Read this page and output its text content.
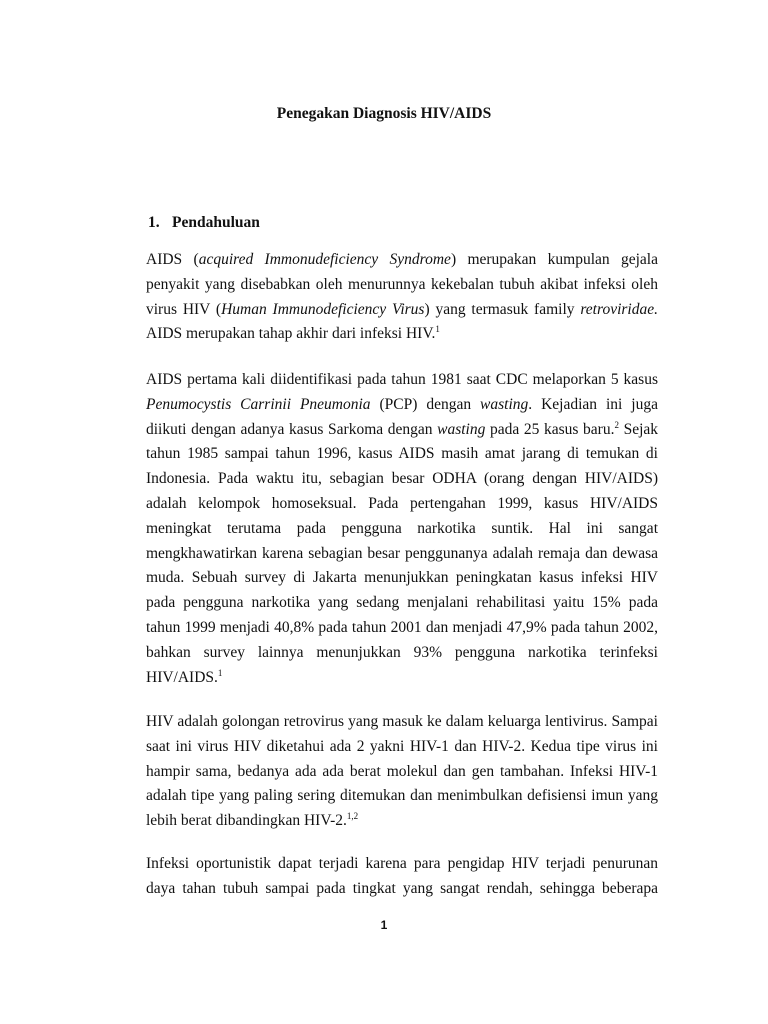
Penegakan Diagnosis HIV/AIDS
1. Pendahuluan

AIDS (acquired Immonudeficiency Syndrome) merupakan kumpulan gejala
penyakit yang disebabkan oleh menurunnya kekebalan tubuh akibat infeksi oleh
virus HIV (Human Immunodeficiency Virus) yang termasuk family retroviridae.
AIDS merupakan tahap akhir dari infeksi HIV.$^1$

AIDS pertama kali diidentifikasi pada tahun 1981 saat CDC melaporkan 5 kasus
Penumocystis Carrinii Pneumonia (PCP) dengan wasting. Kejadian ini juga
diikuti dengan adanya kasus Sarkoma dengan wasting pada 25 kasus baru.$^2$ Sejak
tahun 1985 sampai tahun 1996, kasus AIDS masih amat jarang di temukan di
Indonesia. Pada waktu itu, sebagian besar ODHA (orang dengan HIV/AIDS)
adalah kelompok homoseksual. Pada pertengahan 1999, kasus HIV/AIDS
meningkat terutama pada pengguna narkotika suntik. Hal ini sangat
mengkhawatirkan karena sebagian besar penggunanya adalah remaja dan dewasa
muda. Sebuah survey di Jakarta menunjukkan peningkatan kasus infeksi HIV
pada pengguna narkotika yang sedang menjalani rehabilitasi yaitu 15% pada
tahun 1999 menjadi 40,8% pada tahun 2001 dan menjadi 47,9% pada tahun 2002,
bahkan survey lainnya menunjukkan 93% pengguna narkotika terinfeksi
HIV/AIDS.$^1$

HIV adalah golongan retrovirus yang masuk ke dalam keluarga lentivirus. Sampai
saat ini virus HIV diketahui ada 2 yakni HIV-1 dan HIV-2. Kedua tipe virus ini
hampir sama, bedanya ada ada berat molekul dan gen tambahan. Infeksi HIV-1
adalah tipe yang paling sering ditemukan dan menimbulkan defisiensi imun yang
lebih berat dibandingkan HIV-2.$^{1,2}$

Infeksi oportunistik dapat terjadi karena para pengidap HIV terjadi penurunan
daya tahan tubuh sampai pada tingkat yang sangat rendah, sehingga beberapa

1
